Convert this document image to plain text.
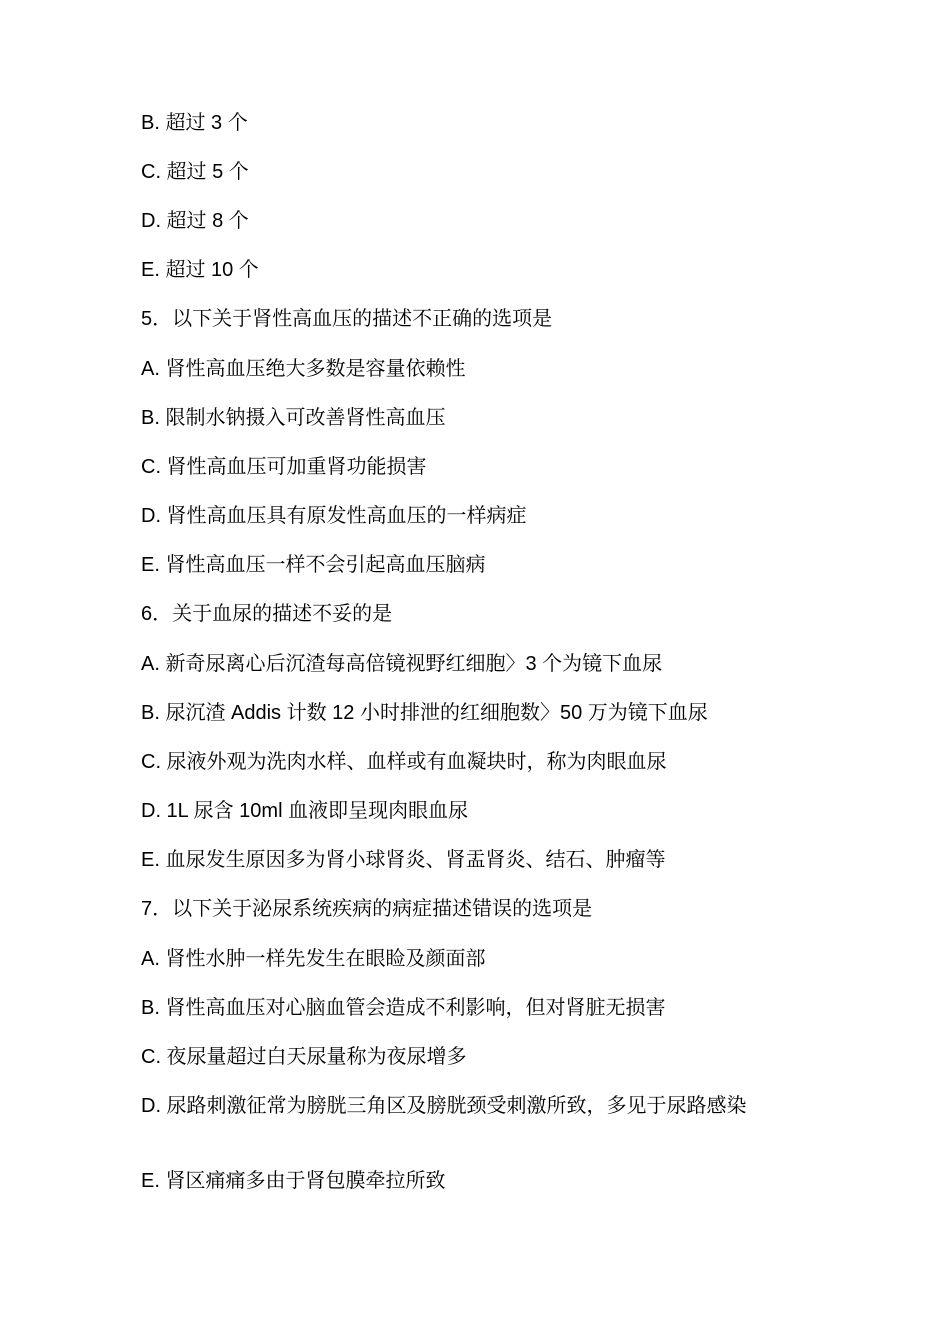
B. 超过 3 个
C. 超过 5 个
D. 超过 8 个
E. 超过 10 个
5．以下关于肾性高血压的描述不正确的选项是
A. 肾性高血压绝大多数是容量依赖性
B. 限制水钠摄入可改善肾性高血压
C. 肾性高血压可加重肾功能损害
D. 肾性高血压具有原发性高血压的一样病症
E. 肾性高血压一样不会引起高血压脑病
6．关于血尿的描述不妥的是
A. 新奇尿离心后沉渣每高倍镜视野红细胞〉3 个为镜下血尿
B. 尿沉渣 Addis 计数 12 小时排泄的红细胞数〉50 万为镜下血尿
C. 尿液外观为洗肉水样、血样或有血凝块时，称为肉眼血尿
D. 1L 尿含 10ml 血液即呈现肉眼血尿
E. 血尿发生原因多为肾小球肾炎、肾盂肾炎、结石、肿瘤等
7．以下关于泌尿系统疾病的病症描述错误的选项是
A. 肾性水肿一样先发生在眼睑及颜面部
B. 肾性高血压对心脑血管会造成不利影响，但对肾脏无损害
C. 夜尿量超过白天尿量称为夜尿增多
D. 尿路刺激征常为膀胱三角区及膀胱颈受刺激所致，多见于尿路感染
E. 肾区痛痛多由于肾包膜牵拉所致
